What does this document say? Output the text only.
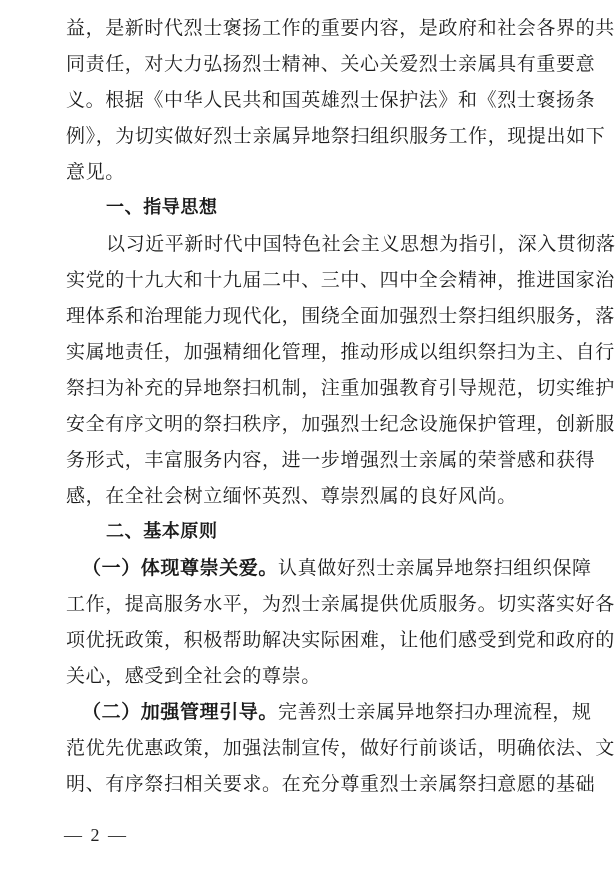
益，是新时代烈士褒扬工作的重要内容，是政府和社会各界的共
同责任，对大力弘扬烈士精神、关心关爱烈士亲属具有重要意
义。根据《中华人民共和国英雄烈士保护法》和《烈士褒扬条
例》，为切实做好烈士亲属异地祭扫组织服务工作，现提出如下
意见。
一、指导思想
以习近平新时代中国特色社会主义思想为指引，深入贯彻落
实党的十九大和十九届二中、三中、四中全会精神，推进国家治
理体系和治理能力现代化，围绕全面加强烈士祭扫组织服务，落
实属地责任，加强精细化管理，推动形成以组织祭扫为主、自行
祭扫为补充的异地祭扫机制，注重加强教育引导规范，切实维护
安全有序文明的祭扫秩序，加强烈士纪念设施保护管理，创新服
务形式，丰富服务内容，进一步增强烈士亲属的荣誉感和获得
感，在全社会树立缅怀英烈、尊崇烈属的良好风尚。
二、基本原则
（一）体现尊崇关爱。认真做好烈士亲属异地祭扫组织保障
工作，提高服务水平，为烈士亲属提供优质服务。切实落实好各
项优抚政策，积极帮助解决实际困难，让他们感受到党和政府的
关心，感受到全社会的尊崇。
（二）加强管理引导。完善烈士亲属异地祭扫办理流程，规
— 2 —
范优先优惠政策，加强法制宣传，做好行前谈话，明确依法、文
明、有序祭扫相关要求。在充分尊重烈士亲属祭扫意愿的基础
